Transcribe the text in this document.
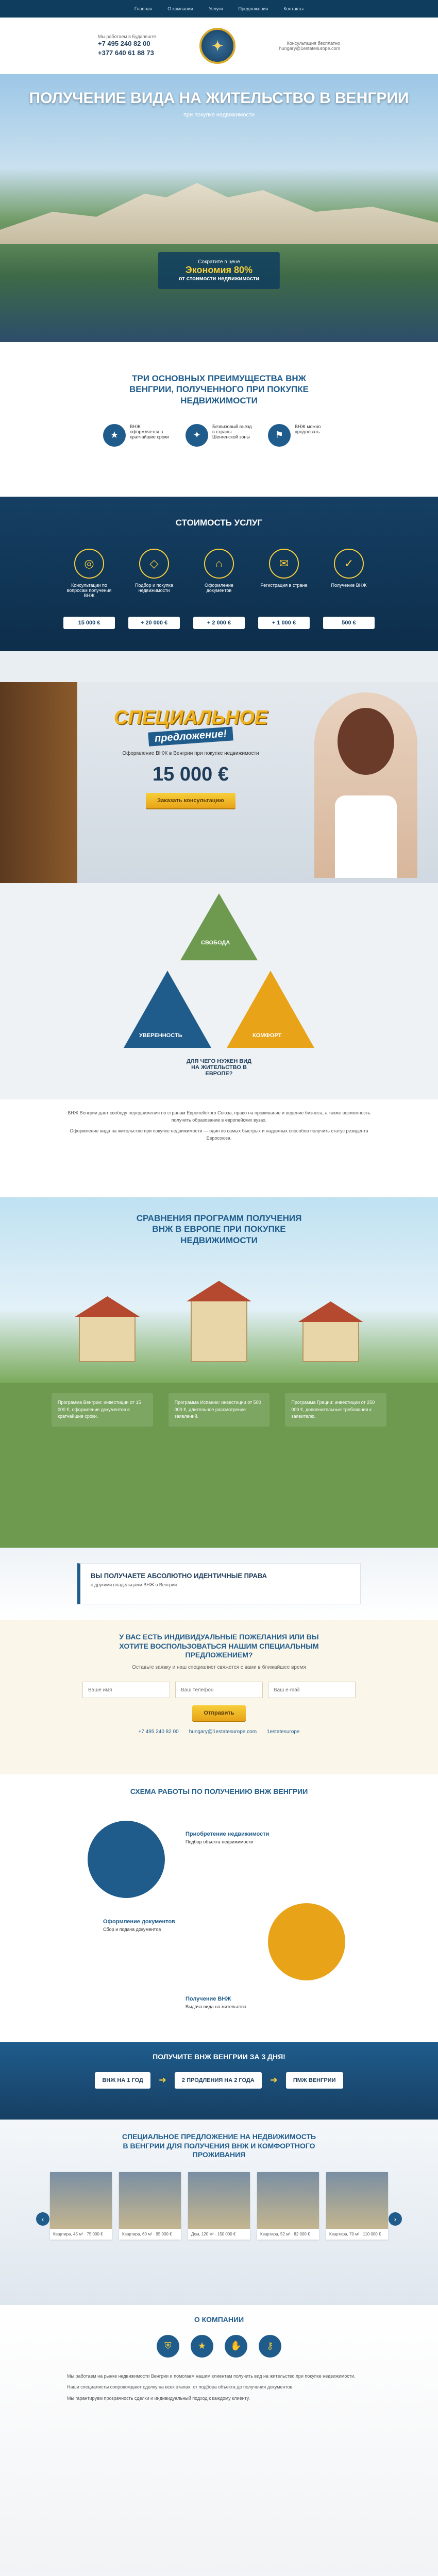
Главная	О компании	Услуги	Предложения	Контакты
Мы работаем в Будапеште
+7 495 240 82 00
+377 640 61 88 73	✦	Консультация бесплатно
hungary@1estatesurope.com
ПОЛУЧЕНИЕ ВИДА НА ЖИТЕЛЬСТВО В ВЕНГРИИ
при покупке недвижимости
Сократите в цене
Экономия 80%
от стоимости недвижимости
ТРИ ОСНОВНЫХ ПРЕИМУЩЕСТВА ВНЖ ВЕНГРИИ, ПОЛУЧЕННОГО ПРИ ПОКУПКЕ НЕДВИЖИМОСТИ
★
ВНЖ оформляется в кратчайшие сроки	✦
Безвизовый въезд в страны Шенгенской зоны	⚑
ВНЖ можно продлевать
СТОИМОСТЬ УСЛУГ
◎
Консультации по вопросам получения ВНЖ
15 000 €
◇
Подбор и покупка недвижимости
+ 20 000 €
⌂
Оформление документов
+ 2 000 €
✉
Регистрация в стране
+ 1 000 €
✓
Получение ВНЖ
500 €
СПЕЦИАЛЬНОЕ
предложение!
Оформление ВНЖ в Венгрии при покупке недвижимости
15 000 €
Заказать консультацию
СВОБОДА
УВЕРЕННОСТЬ	КОМФОРТ
ДЛЯ ЧЕГО НУЖЕН ВИД НА ЖИТЕЛЬСТВО В ЕВРОПЕ?

ВНЖ Венгрии дает свободу передвижения по странам Европейского Союза, право на проживание и ведение бизнеса, а также возможность получить образование в европейских вузах.

Оформление вида на жительство при покупке недвижимости — один из самых быстрых и надежных способов получить статус резидента Евросоюза.

СРАВНЕНИЯ ПРОГРАММ ПОЛУЧЕНИЯ ВНЖ В ЕВРОПЕ ПРИ ПОКУПКЕ НЕДВИЖИМОСТИ
Программа Венгрии: инвестиции от 15 000 €, оформление документов в кратчайшие сроки.
Программа Испании: инвестиции от 500 000 €, длительное рассмотрение заявлений.
Программа Греции: инвестиции от 250 000 €, дополнительные требования к заявителю.
ВЫ ПОЛУЧАЕТЕ АБСОЛЮТНО ИДЕНТИЧНЫЕ ПРАВА
с другими владельцами ВНЖ в Венгрии
У ВАС ЕСТЬ ИНДИВИДУАЛЬНЫЕ ПОЖЕЛАНИЯ ИЛИ ВЫ ХОТИТЕ ВОСПОЛЬЗОВАТЬСЯ НАШИМ СПЕЦИАЛЬНЫМ ПРЕДЛОЖЕНИЕМ?
Оставьте заявку и наш специалист свяжется с вами в ближайшее время
Ваше имя
Ваш телефон
Ваш e-mail
Отправить
+7 495 240 82 00 hungary@1estatesurope.com 1estatesurope
СХЕМА РАБОТЫ ПО ПОЛУЧЕНИЮ ВНЖ ВЕНГРИИ
Приобретение недвижимости
Подбор объекта недвижимости
Оформление документов
Сбор и подача документов
Получение ВНЖ
Выдача вида на жительство
ПОЛУЧИТЕ ВНЖ ВЕНГРИИ ЗА 3 ДНЯ!
ВНЖ НА 1 ГОД	➜	2 ПРОДЛЕНИЯ НА 2 ГОДА	➜	ПМЖ ВЕНГРИИ
СПЕЦИАЛЬНОЕ ПРЕДЛОЖЕНИЕ НА НЕДВИЖИМОСТЬ В ВЕНГРИИ ДЛЯ ПОЛУЧЕНИЯ ВНЖ И КОМФОРТНОГО ПРОЖИВАНИЯ
Квартира, 45 м² · 75 000 €	Квартира, 60 м² · 95 000 €	Дом, 120 м² · 150 000 €	Квартира, 52 м² · 82 000 €	Квартира, 70 м² · 110 000 €
‹	›
О КОМПАНИИ
⛨	★	✋	⚷

Мы работаем на рынке недвижимости Венгрии и помогаем нашим клиентам получить вид на жительство при покупке недвижимости.

Наши специалисты сопровождают сделку на всех этапах: от подбора объекта до получения документов.

Мы гарантируем прозрачность сделки и индивидуальный подход к каждому клиенту.
